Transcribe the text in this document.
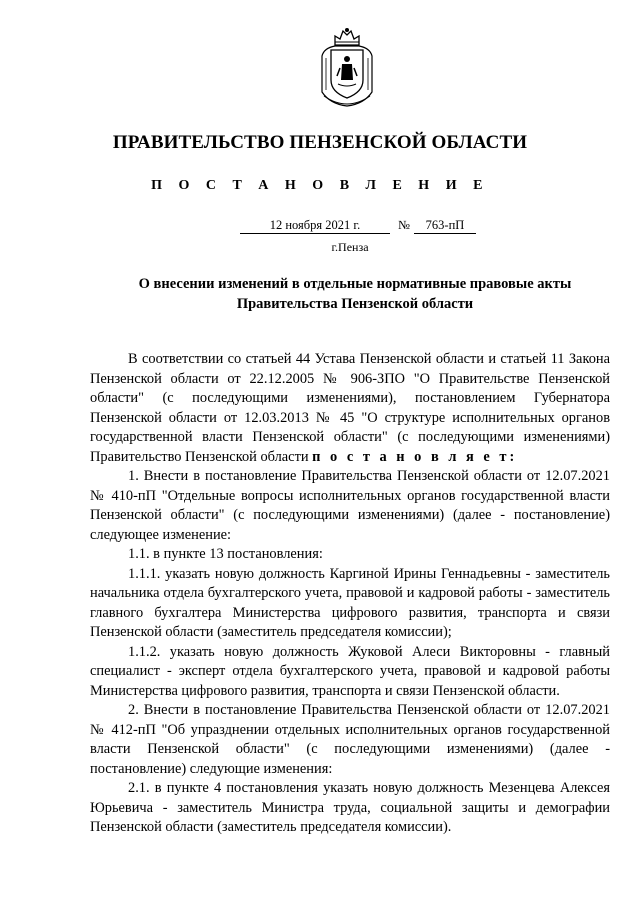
ПРАВИТЕЛЬСТВО ПЕНЗЕНСКОЙ ОБЛАСТИ
П О С Т А Н О В Л Е Н И Е
12 ноября 2021 г.	№	763-пП
г.Пенза
О внесении изменений в отдельные нормативные правовые акты
Правительства Пензенской области

В соответствии со статьей 44 Устава Пензенской области и статьей 11 Закона Пензенской области от 22.12.2005 № 906-ЗПО "О Правительстве Пензенской области" (с последующими изменениями), постановлением Губернатора Пензенской области от 12.03.2013 № 45 "О структуре исполнительных органов государственной власти Пензенской области" (с последующими изменениями) Правительство Пензенской области п о с т а н о в л я е т:

1. Внести в постановление Правительства Пензенской области от 12.07.2021 № 410-пП "Отдельные вопросы исполнительных органов государственной власти Пензенской области" (с последующими изменениями) (далее - постановление) следующее изменение:

1.1. в пункте 13 постановления:

1.1.1. указать новую должность Каргиной Ирины Геннадьевны - заместитель начальника отдела бухгалтерского учета, правовой и кадровой работы - заместитель главного бухгалтера Министерства цифрового развития, транспорта и связи Пензенской области (заместитель председателя комиссии);

1.1.2. указать новую должность Жуковой Алеси Викторовны - главный специалист - эксперт отдела бухгалтерского учета, правовой и кадровой работы Министерства цифрового развития, транспорта и связи Пензенской области.

2. Внести в постановление Правительства Пензенской области от 12.07.2021 № 412-пП "Об упразднении отдельных исполнительных органов государственной власти Пензенской области" (с последующими изменениями) (далее - постановление) следующие изменения:

2.1. в пункте 4 постановления указать новую должность Мезенцева Алексея Юрьевича - заместитель Министра труда, социальной защиты и демографии Пензенской области (заместитель председателя комиссии).
